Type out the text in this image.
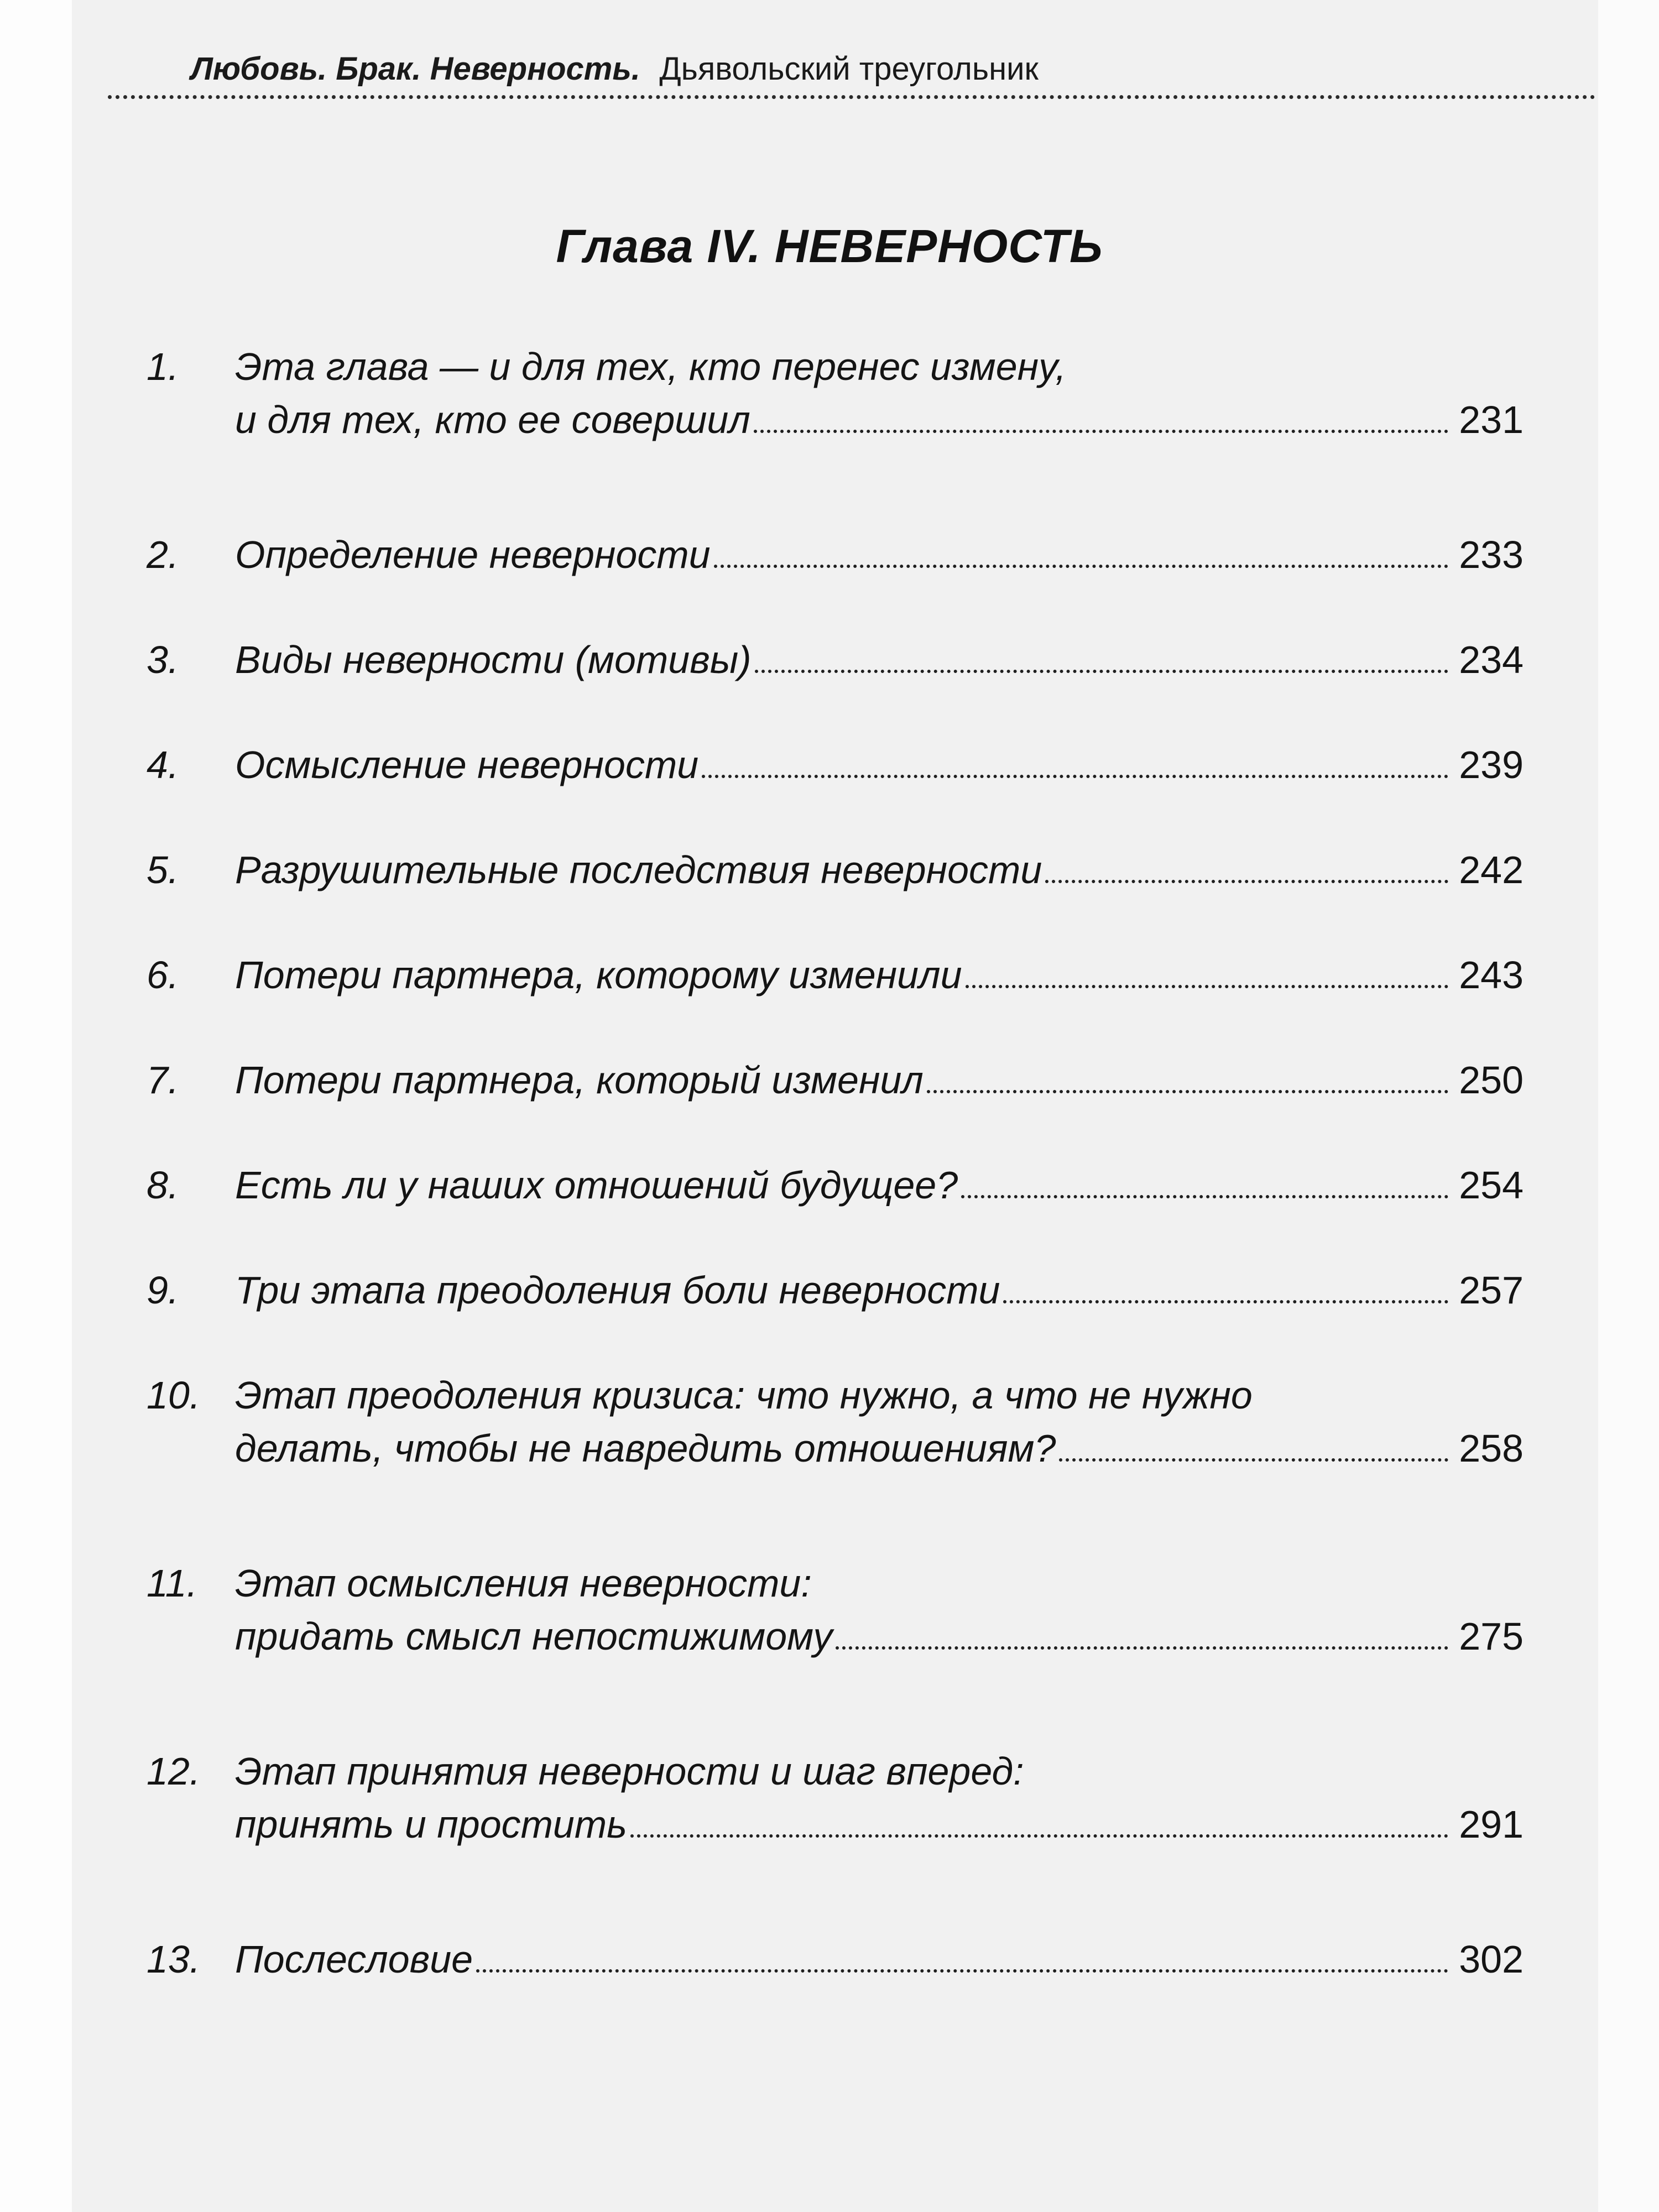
Любовь. Брак. Неверность. Дьявольский треугольник
Глава IV. НЕВЕРНОСТЬ
1.	Эта глава — и для тех, кто перенес измену,
и для тех, кто ее совершил	231
2.	Определение неверности	233
3.	Виды неверности (мотивы)	234
4.	Осмысление неверности	239
5.	Разрушительные последствия неверности	242
6.	Потери партнера, которому изменили	243
7.	Потери партнера, который изменил	250
8.	Есть ли у наших отношений будущее?	254
9.	Три этапа преодоления боли неверности	257
10. Этап преодоления кризиса: что нужно, а что не нужно
делать, чтобы не навредить отношениям?	258
11. Этап осмысления неверности:
придать смысл непостижимому	275
12. Этап принятия неверности и шаг вперед:
принять и простить	291
13. Послесловие	302
